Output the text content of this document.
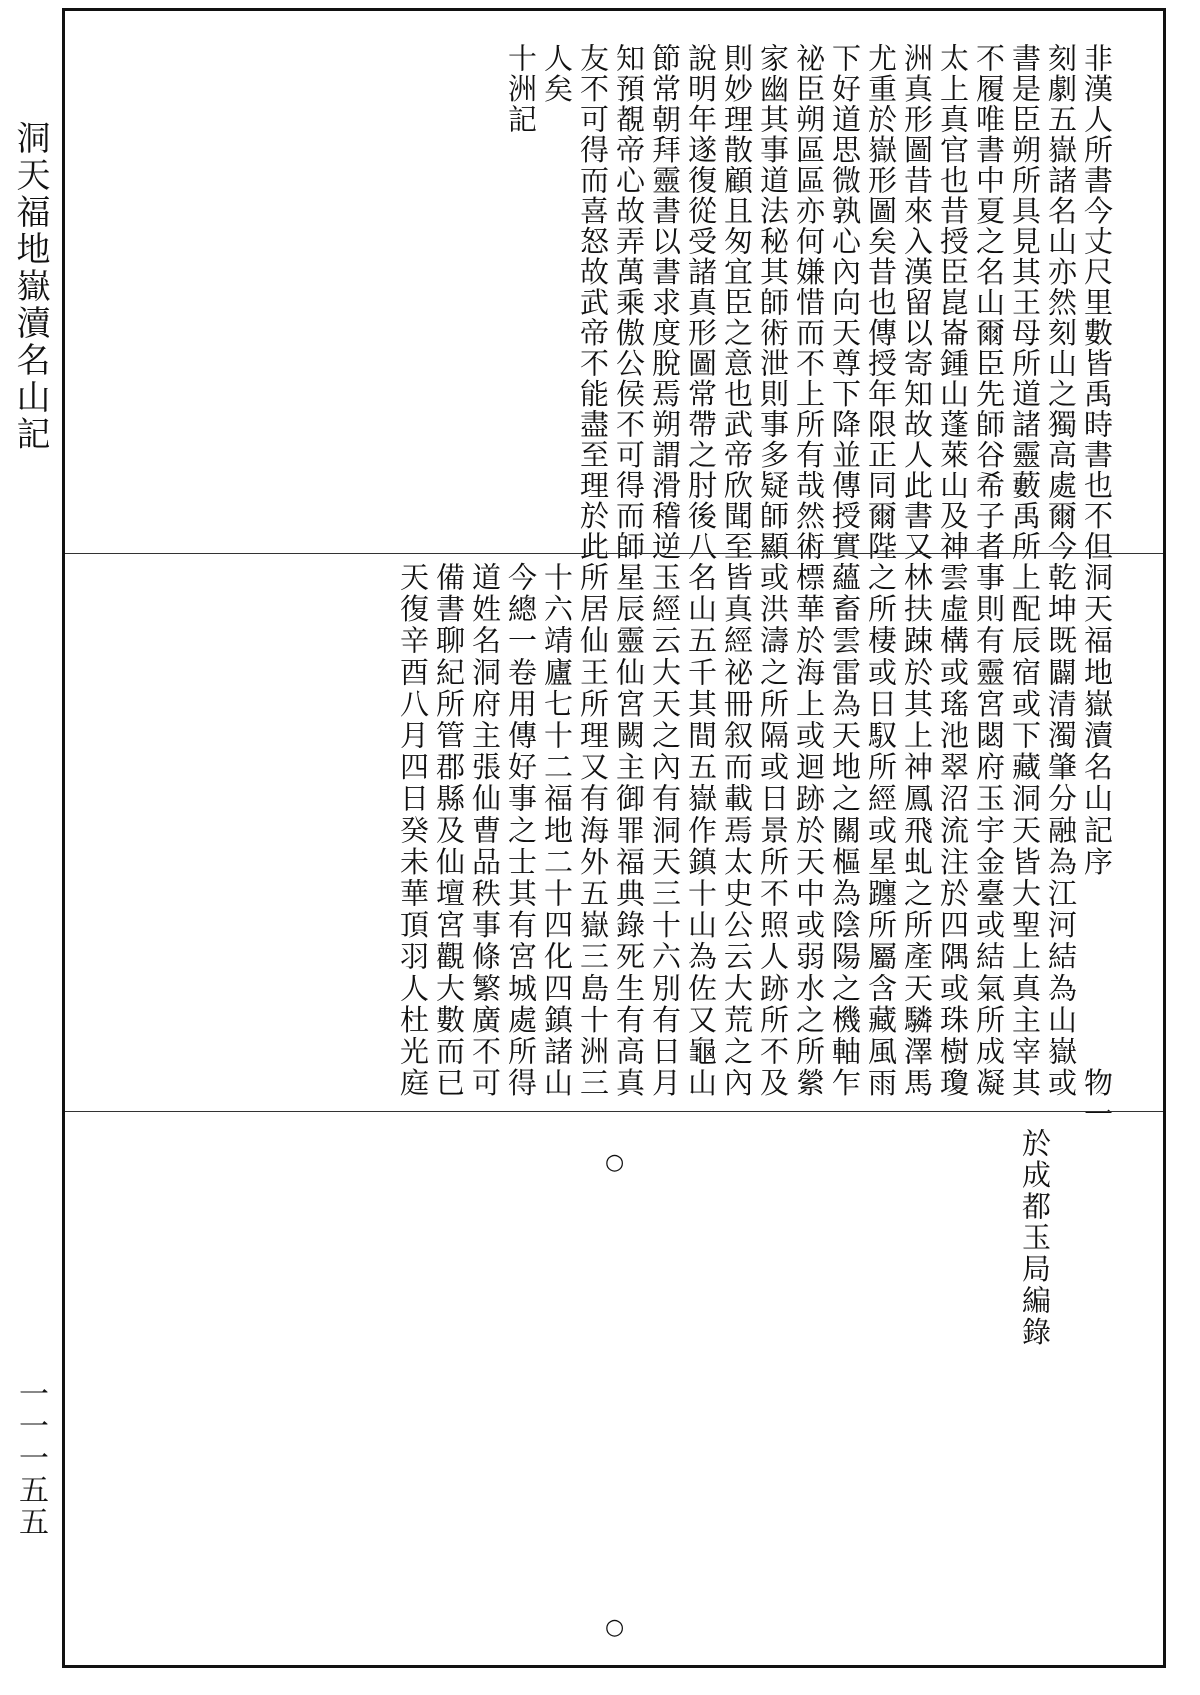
洞天福地嶽瀆名山記
一一一五五
非漢人所書今丈尺里數皆禹時書也不但
刻劇五嶽諸名山亦然刻山之獨高處爾今
書是臣朔所具見其王母所道諸靈藪禹所
不履唯書中夏之名山爾臣先師谷希子者
太上真官也昔授臣崑崙鍾山蓬萊山及神
洲真形圖昔來入漢留以寄知故人此書又
尤重於嶽形圖矣昔也傳授年限正同爾陛
下好道思微孰心內向天尊下降並傳授實
祕臣朔區區亦何嫌惜而不上所有哉然術
家幽其事道法秘其師術泄則事多疑師顯
則妙理散顧且匆宜臣之意也武帝欣聞至
說明年遂復從受諸真形圖常帶之肘後八
節常朝拜靈書以書求度脫焉朔謂滑稽逆
知預覩帝心故弄萬乘傲公侯不可得而師
友不可得而喜怒故武帝不能盡至理於此
人矣
十洲記
洞天福地嶽瀆名山記序　　　　　　物一
乾坤既闢清濁肇分融為江河結為山嶽或
上配辰宿或下藏洞天皆大聖上真主宰其
事則有靈宮閟府玉宇金臺或結氣所成凝
雲虛構或瑤池翠沼流注於四隅或珠樹瓊
林扶踈於其上神鳳飛虬之所產天驎澤馬
之所棲或日馭所經或星躔所屬含藏風雨
蘊畜雲雷為天地之關樞為陰陽之機軸乍
標華於海上或迴跡於天中或弱水之所縈
或洪濤之所隔或日景所不照人跡所不及
皆真經祕冊叙而載焉太史公云大荒之內
名山五千其間五嶽作鎮十山為佐又龜山
玉經云大天之內有洞天三十六別有日月
星辰靈仙宮闕主御罪福典錄死生有高真
所居仙王所理又有海外五嶽三島十洲三
十六靖廬七十二福地二十四化四鎮諸山
今總一卷用傳好事之士其有宮城處所得
道姓名洞府主張仙曹品秩事條繁廣不可
備書聊紀所管郡縣及仙壇宮觀大數而已
天復辛酉八月四日癸未華頂羽人杜光庭
於成都玉局編錄
○
○
